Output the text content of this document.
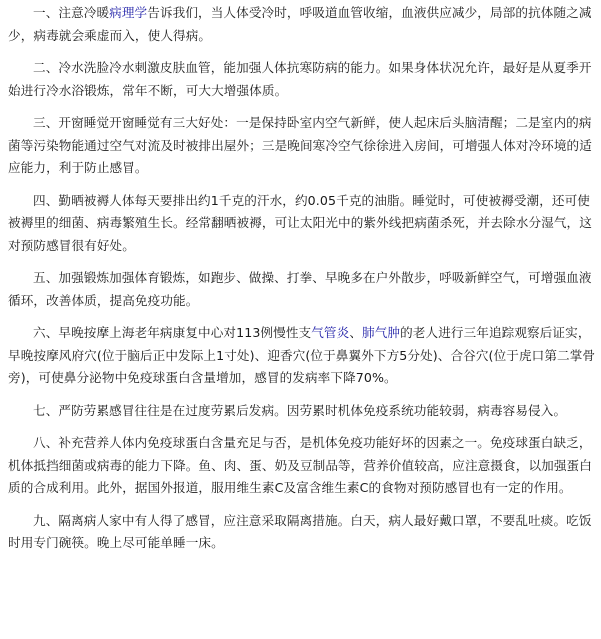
一、注意冷暖病理学告诉我们，当人体受冷时，呼吸道血管收缩，血液供应减少，局部的抗体随之减少，病毒就会乘虚而入，使人得病。

二、冷水洗脸冷水刺激皮肤血管，能加强人体抗寒防病的能力。如果身体状况允许，最好是从夏季开始进行冷水浴锻炼，常年不断，可大大增强体质。

三、开窗睡觉开窗睡觉有三大好处：一是保持卧室内空气新鲜，使人起床后头脑清醒；二是室内的病菌等污染物能通过空气对流及时被排出屋外；三是晚间寒冷空气徐徐进入房间，可增强人体对冷环境的适应能力，利于防止感冒。

四、勤晒被褥人体每天要排出约1千克的汗水，约0.05千克的油脂。睡觉时，可使被褥受潮，还可使被褥里的细菌、病毒繁殖生长。经常翻晒被褥，可让太阳光中的紫外线把病菌杀死，并去除水分湿气，这对预防感冒很有好处。

五、加强锻炼加强体育锻炼，如跑步、做操、打拳、早晚多在户外散步，呼吸新鲜空气，可增强血液循环，改善体质，提高免疫功能。

六、早晚按摩上海老年病康复中心对113例慢性支气管炎、肺气肿的老人进行三年追踪观察后证实，早晚按摩风府穴(位于脑后正中发际上1寸处)、迎香穴(位于鼻翼外下方5分处)、合谷穴(位于虎口第二掌骨旁)，可使鼻分泌物中免疫球蛋白含量增加，感冒的发病率下降70%。

七、严防劳累感冒往往是在过度劳累后发病。因劳累时机体免疫系统功能较弱，病毒容易侵入。

八、补充营养人体内免疫球蛋白含量充足与否，是机体免疫功能好坏的因素之一。免疫球蛋白缺乏，机体抵挡细菌或病毒的能力下降。鱼、肉、蛋、奶及豆制品等，营养价值较高，应注意摄食，以加强蛋白质的合成利用。此外，据国外报道，服用维生素C及富含维生素C的食物对预防感冒也有一定的作用。

九、隔离病人家中有人得了感冒，应注意采取隔离措施。白天，病人最好戴口罩，不要乱吐痰。吃饭时用专门碗筷。晚上尽可能单睡一床。
